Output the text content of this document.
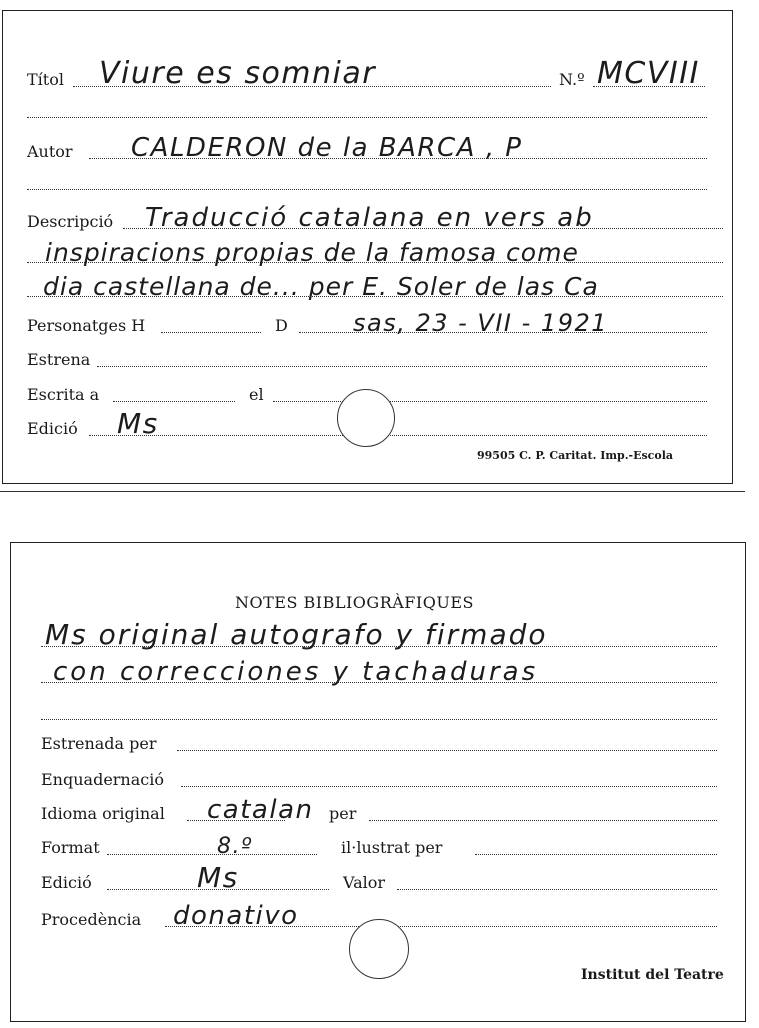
Títol Viure es somniar	N.º MCVIII
Autor CALDERON de la BARCA , P
Descripció Traducció catalana en vers ab
inspiracions propias de la famosa come
dia castellana de... per E. Soler de las Ca
Personatges H	D	sas, 23 - VII - 1921
Estrena
Escrita a	el
Edició Ms
99505 C. P. Caritat. Imp.-Escola
NOTES BIBLIOGRÀFIQUES
Ms original autografo y firmado
con correcciones y tachaduras
Estrenada per
Enquadernació
Idioma original catalan per
Format	8.º	il·lustrat per
Edició	Ms	Valor
Procedència donativo
Institut del Teatre
